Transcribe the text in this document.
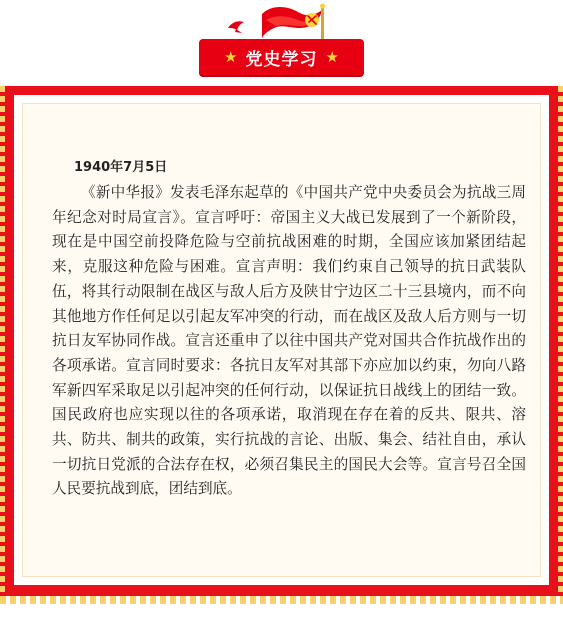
★ 党史学习 ★
1940年7月5日

《新中华报》发表毛泽东起草的《中国共产党中央委员会为抗战三周年纪念对时局宣言》。宣言呼吁：帝国主义大战已发展到了一个新阶段，现在是中国空前投降危险与空前抗战困难的时期，全国应该加紧团结起来，克服这种危险与困难。宣言声明：我们约束自己领导的抗日武装队伍，将其行动限制在战区与敌人后方及陕甘宁边区二十三县境内，而不向其他地方作任何足以引起友军冲突的行动，而在战区及敌人后方则与一切抗日友军协同作战。宣言还重申了以往中国共产党对国共合作抗战作出的各项承诺。宣言同时要求：各抗日友军对其部下亦应加以约束，勿向八路军新四军采取足以引起冲突的任何行动，以保证抗日战线上的团结一致。国民政府也应实现以往的各项承诺，取消现在存在着的反共、限共、溶共、防共、制共的政策，实行抗战的言论、出版、集会、结社自由，承认一切抗日党派的合法存在权，必须召集民主的国民大会等。宣言号召全国人民要抗战到底，团结到底。
